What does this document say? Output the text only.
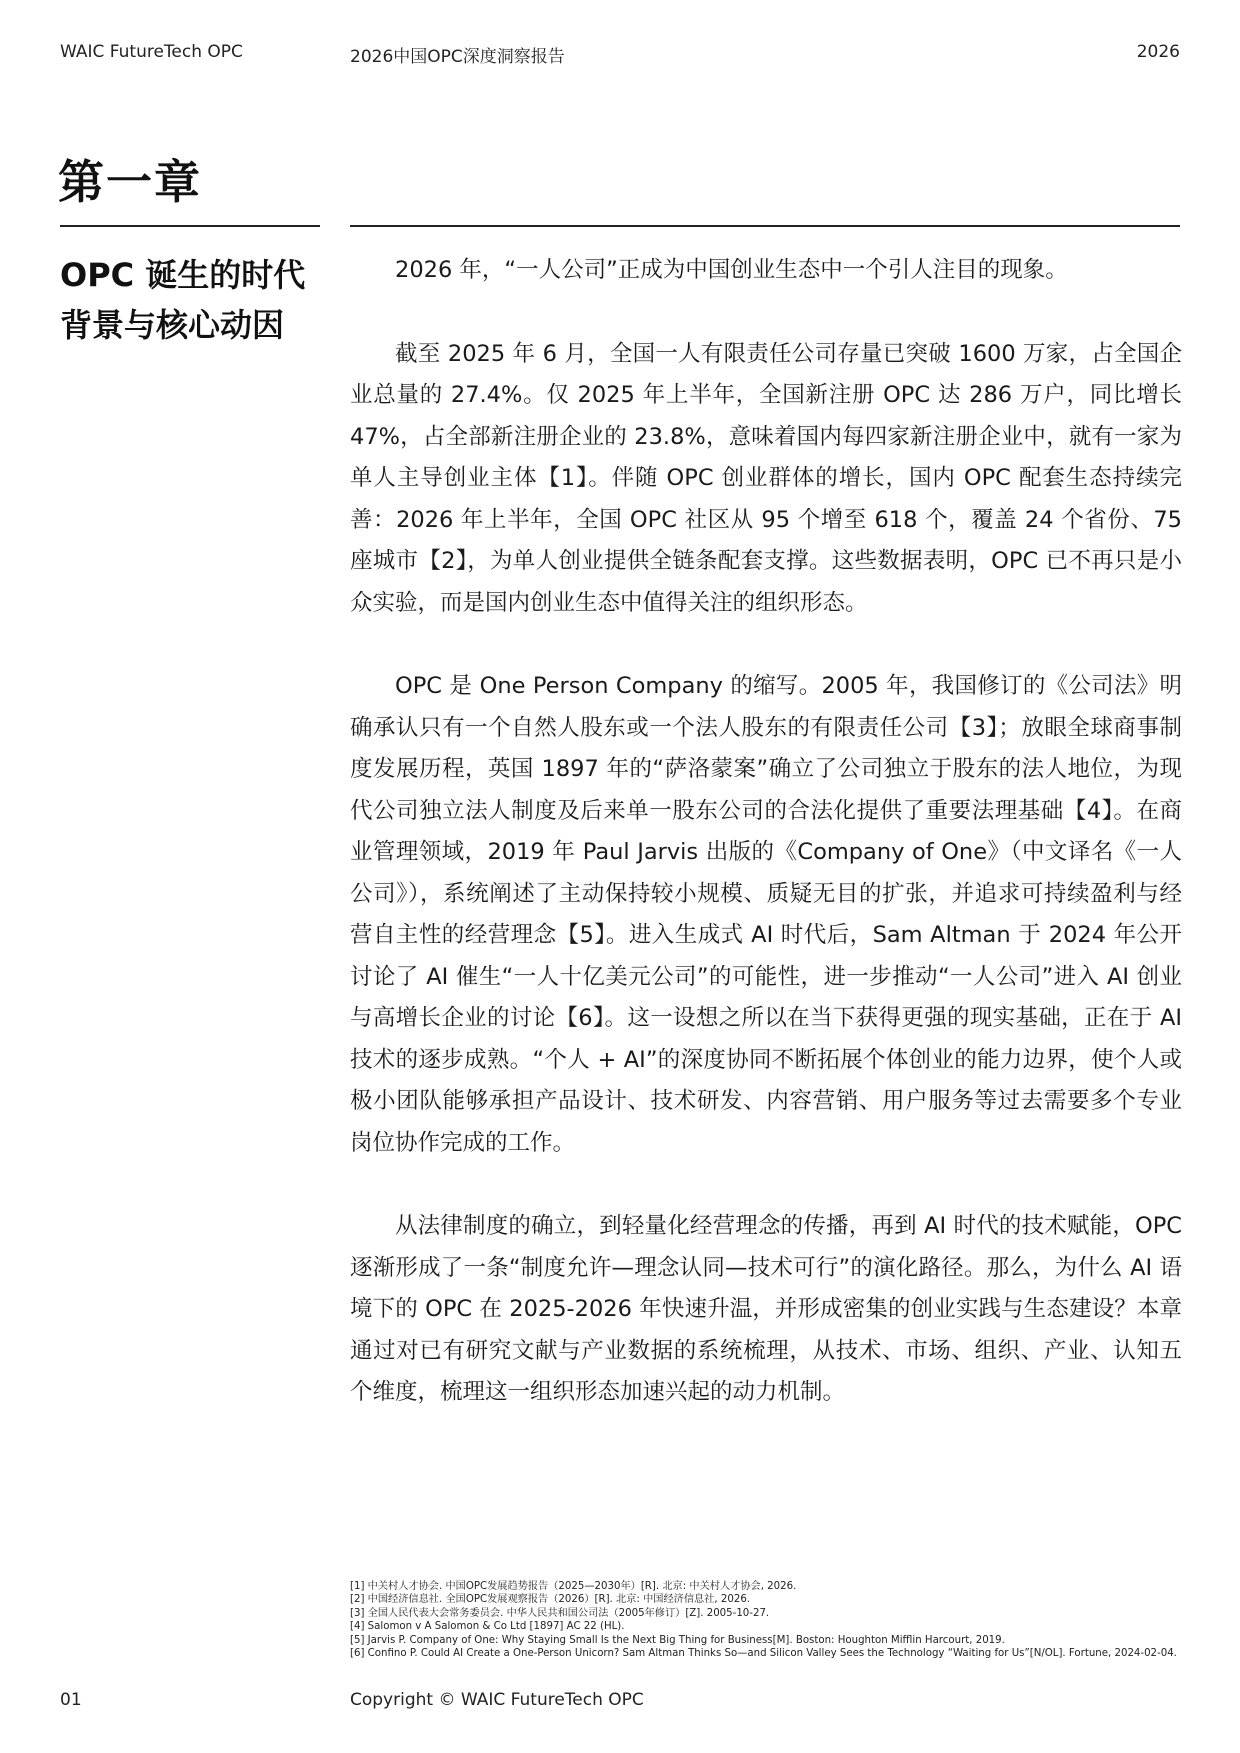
WAIC FutureTech OPC	2026中国OPC深度洞察报告	2026
第一章
OPC 诞生的时代
背景与核心动因

2026 年，“一人公司”正成为中国创业生态中一个引人注目的现象。

截至 2025 年 6 月，全国一人有限责任公司存量已突破 1600 万家，占全国企业总量的 27.4%。仅 2025 年上半年，全国新注册 OPC 达 286 万户，同比增长 47%，占全部新注册企业的 23.8%，意味着国内每四家新注册企业中，就有一家为单人主导创业主体【1】。伴随 OPC 创业群体的增长，国内 OPC 配套生态持续完善：2026 年上半年，全国 OPC 社区从 95 个增至 618 个，覆盖 24 个省份、75 座城市【2】，为单人创业提供全链条配套支撑。这些数据表明，OPC 已不再只是小众实验，而是国内创业生态中值得关注的组织形态。

OPC 是 One Person Company 的缩写。2005 年，我国修订的《公司法》明确承认只有一个自然人股东或一个法人股东的有限责任公司【3】；放眼全球商事制度发展历程，英国 1897 年的“萨洛蒙案”确立了公司独立于股东的法人地位，为现代公司独立法人制度及后来单一股东公司的合法化提供了重要法理基础【4】。在商业管理领域，2019 年 Paul Jarvis 出版的《Company of One》（中文译名《一人公司》），系统阐述了主动保持较小规模、质疑无目的扩张，并追求可持续盈利与经营自主性的经营理念【5】。进入生成式 AI 时代后，Sam Altman 于 2024 年公开讨论了 AI 催生“一人十亿美元公司”的可能性，进一步推动“一人公司”进入 AI 创业与高增长企业的讨论【6】。这一设想之所以在当下获得更强的现实基础，正在于 AI 技术的逐步成熟。“个人 + AI”的深度协同不断拓展个体创业的能力边界，使个人或极小团队能够承担产品设计、技术研发、内容营销、用户服务等过去需要多个专业岗位协作完成的工作。

从法律制度的确立，到轻量化经营理念的传播，再到 AI 时代的技术赋能，OPC 逐渐形成了一条“制度允许—理念认同—技术可行”的演化路径。那么，为什么 AI 语境下的 OPC 在 2025-2026 年快速升温，并形成密集的创业实践与生态建设？本章通过对已有研究文献与产业数据的系统梳理，从技术、市场、组织、产业、认知五个维度，梳理这一组织形态加速兴起的动力机制。

[1] 中关村人才协会. 中国OPC发展趋势报告（2025—2030年）[R]. 北京: 中关村人才协会, 2026.
[2] 中国经济信息社. 全国OPC发展观察报告（2026）[R]. 北京: 中国经济信息社, 2026.
[3] 全国人民代表大会常务委员会. 中华人民共和国公司法（2005年修订）[Z]. 2005-10-27.
[4] Salomon v A Salomon & Co Ltd [1897] AC 22 (HL).
[5] Jarvis P. Company of One: Why Staying Small Is the Next Big Thing for Business[M]. Boston: Houghton Mifflin Harcourt, 2019.
[6] Confino P. Could AI Create a One-Person Unicorn? Sam Altman Thinks So—and Silicon Valley Sees the Technology “Waiting for Us”[N/OL]. Fortune, 2024-02-04.
01	Copyright © WAIC FutureTech OPC
